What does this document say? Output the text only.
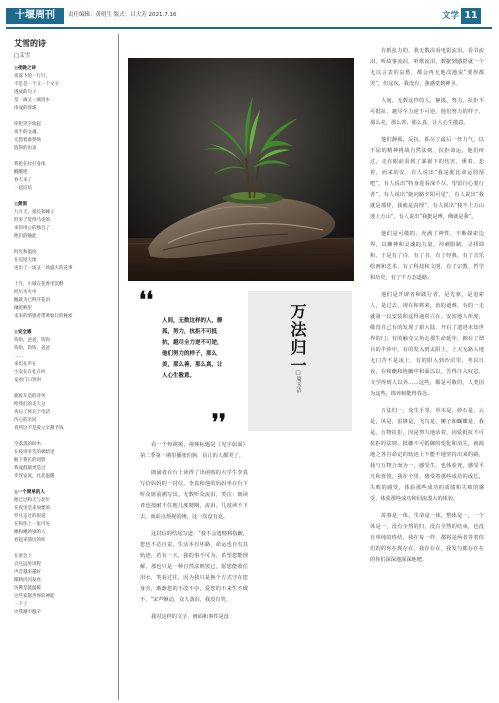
十堰周刊	责任编辑：黄明生 版式：吕大芳 2021.7.16	文学 11
艾雪的诗
□艾雪
◎夜晚之诗
夜深下的一行行，
不是是一个又一个文字
透成的句子
是一滴又一滴泪水
串成的珍珠
你把笑字收起
夜半的文魂，
无想着谁赞扬
值得的由衷
我把在拉打身体
醒醒吧
春天来了
一起培培
◎黄酒
九月天，很长和睡子
但来了觉得马虎的
来但用心的独自了
他们的喻此
时光和温度
在房屋大地
送出了一场又一场盛大的花事
十月，小城在花香里沉醉
经历水火中
酿就为已鲜开花语
镶把响里
未来的情感者带黄如行的秘密
◎安全感
钩钩，爸爸，钩钩
钩钩，钩钩，爸爸
……
来们在声在
小安在在礼在何
安看门口哭叫
鹿妆车是的诗务
给我们的美人分
喜后了将瓦个电话
传心的亲同
真到这不是爱父亲甜予钱
空落落的时木
在枝讲争告的被暗里
握下我长的同影
我成群剧更是过
步伐安度，往北温暖
◎一个简单的人
他已过和天与北年
在夜里是来加要的
罗月走过的很道
在和你上一张可见
她和她的别的人
看起来简历的样
在讲会上
自往远处讲程
声音越来越好
眼睛闪闪发亮
仿佛是能温暖
这些家都世界的神能
一下子
让我潮不服辛
❛❛
人间，无数这样的人，静孤，努力，抗拒不可抵抗，越尽全力逆不可逆，他们努力的样子，那么美，那么善，那么真，让人心生敬意。
❛❛
万法归一
□周玉洁

看一个短视频，视频标题是《见字如面》第二季第一期里播张伯驹，信让的人都哭了。

朗诵者在台上读得了出函购的大学生李真写给妈妈的一封信，李真和他的妈妈坐在台下听众席前测写出，无数听众流泪，笑泣：朗读者也按耐不住地几度哽咽，流泪，几度读不下去，而前点烦视的统，这一次没有克。

这封信的结尾写道：“我不会遗憾和指歉，您也不必自责，生活本有坏路，命运也自有其轨迹，若有一天，我的事不可为，希望您能理解，那也只是一种自然法则罢已，愿您能收住泪水，笑看过往，因为我只是换个方式守在您身旁，渐渐您的不改不亭，爱您的不来生不破不，“宋声颤动，众人落泪，我没有哭。

我对这样的文字、画面和事件是没

有抵抗力的，我无数次看电影流泪，看书流泪，听故事流泪，听歌流泪，数据到感搭就一个无以言表的哀愁，都会再无他次地说“要得都哭”，但这次，我没有，我感觉到神圣。

人间，无数这样的人，静孤，努力，抗拒不可抵抗，越尽全力逆不可逆，他们努力的样子，那么美，那么善，那么真，让人心生敬意。

他们静孤，反抗，抓尽了最后一丝力气，以不屈的精神挑战自然法则，抗拒命运，他们疼过，走在眼前看到了暴锯下的伤害，熏着，悲着，而来的安，有人说出“我是配比命运的预吧”，有人说出“特身进看深不尽，望留行心要行者”，有人说出“她问路夕阳可见”，有人说出“我就是那样，我就是真理”，有人说出“我不上万山迷上万山”，有人说出“我挺是傅，佛就是我”。

他们是可敬的，充满了神性，不断探索边界，以狮神和灵魂的力量，冲刺限制，寻找调和，于是有了诗，有了书，有了经典，有了音乐绘画和艺术，有了科技和文明，有了宗教、哲学和历史，有了千万态道路。

他们是开辟者和践行者，是先驱，是追索人，是过去，现在和将来，治的遮难，有的一走就第一以安装和这得通常立在，安密地人所度，敬畏自己有的发现了新大陆，开启了遗迹未知世界的门；有的触夺父角走那生命延年，拥在了谓目的半涉中，有的发入到太阳上，上天无路人地无门苦不是凌上，有的阳入到沙沼里，考以日夜，在和幽和艳幽中和面以以，苦得注入叹息，文学得到人以外……这些，都是可敬的，人类因为这些，绵养和能得春念。

万法归一，众生平等。草木是，砂石是，云是，风是，雷锋是，飞鸟是，狮子和蝴蝶是，我是。万物抗拒，因是努力地活着，因爱抵抗不可抗拒的法则，抵御不可抵御的变化和消失，就渴地之各自命定的轨迹上不能不地坚持出来的路，我与万物合而为一，感受生，也体验死，感受平凡和喜悦，我在个里，感受着那些成功的成长，失败的感受，体验那些成功的成绩和失败的感受，体验那些成功和回流漠大的体验。

故事是一体，生命是一体，整体是一，一个体是一，没有全然的归，没有全然的结束，也没有单纯的终结，我在每一样，都将是两者等着你们的的你在现存在，我存在在，我发与都存在在的你们深深地深深地吧。
